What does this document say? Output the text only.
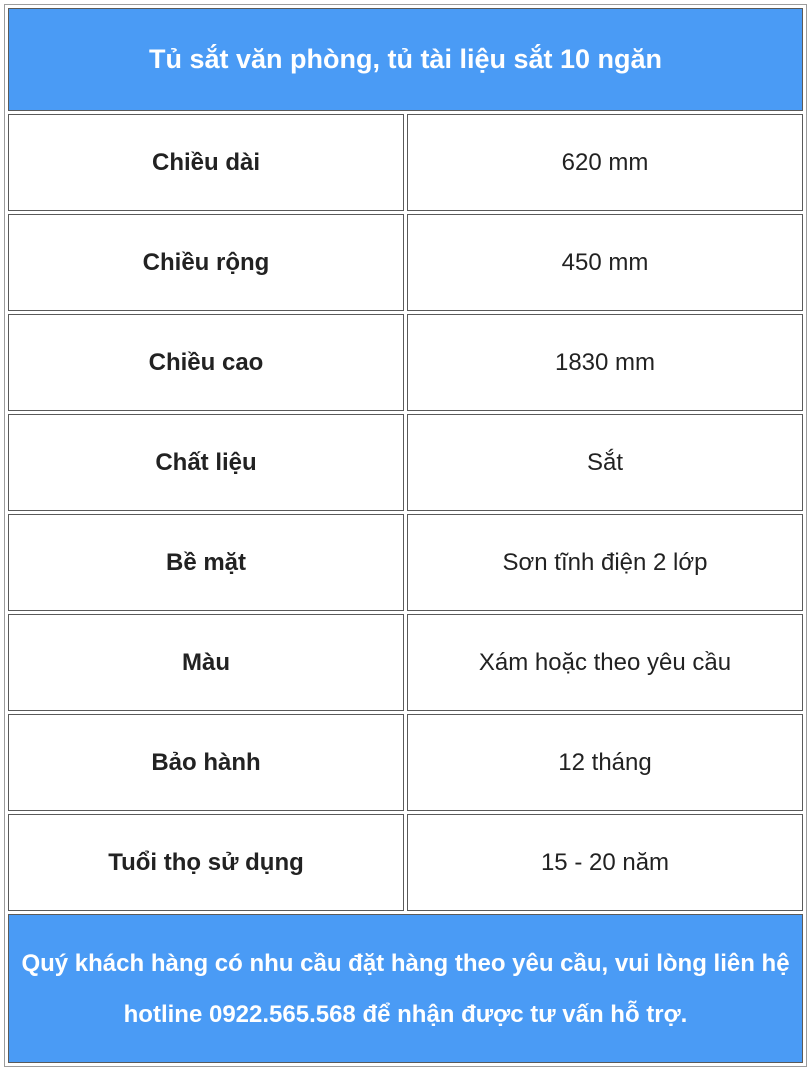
Tủ sắt văn phòng, tủ tài liệu sắt 10 ngăn	
Chiều dài	620 mm
Chiều rộng	450 mm
Chiều cao	1830 mm
Chất liệu	Sắt
Bề mặt	Sơn tĩnh điện 2 lớp
Màu	Xám hoặc theo yêu cầu
Bảo hành	12 tháng
Tuổi thọ sử dụng	15 - 20 năm
Quý khách hàng có nhu cầu đặt hàng theo yêu cầu, vui lòng liên hệ hotline 0922.565.568 để nhận được tư vấn hỗ trợ.	
